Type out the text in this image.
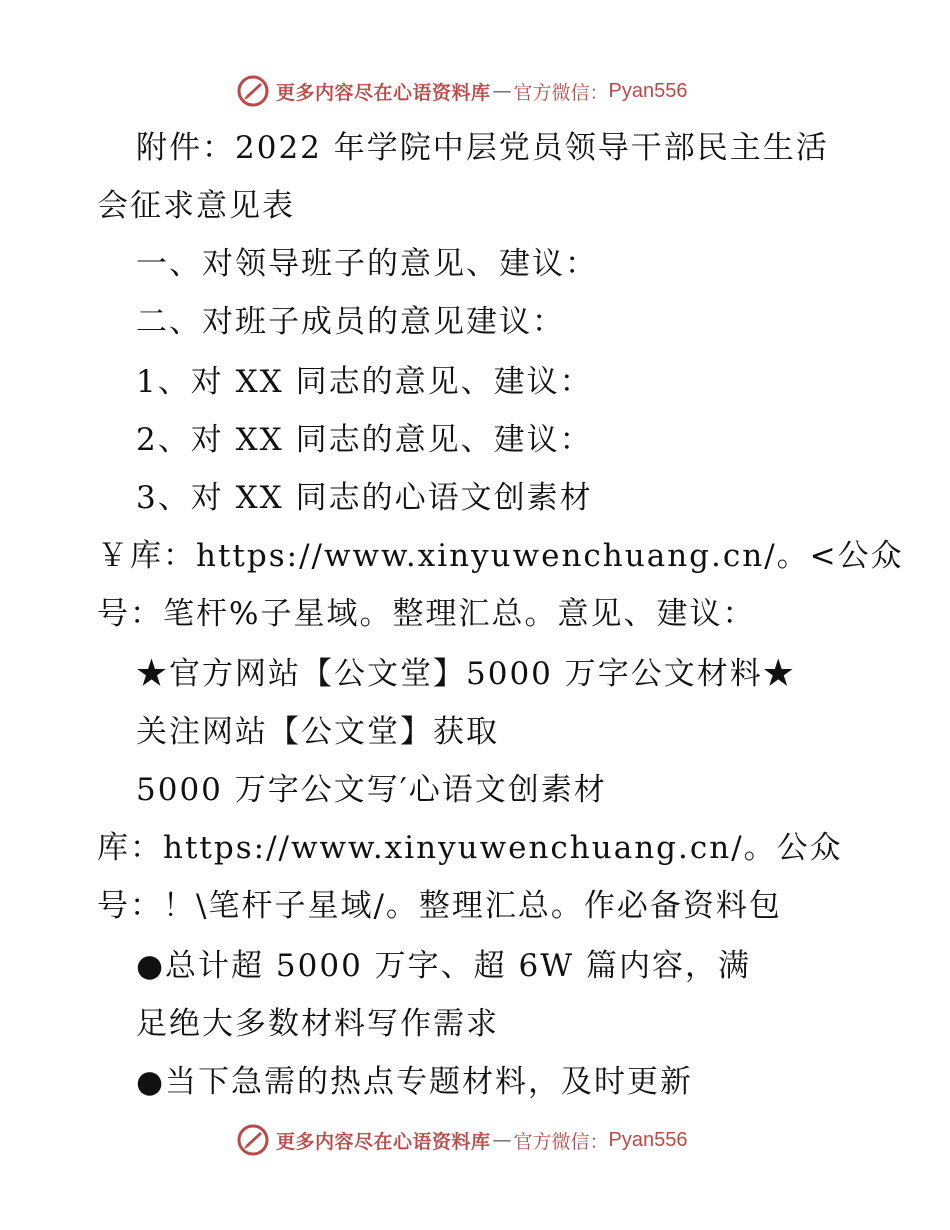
更多内容尽在心语资料库 — 官方微信： Pyan556
附件：2022 年学院中层党员领导干部民主生活
会征求意见表
一、对领导班子的意见、建议：
二、对班子成员的意见建议：
1、对 XX 同志的意见、建议：
2、对 XX 同志的意见、建议：
3、对 XX 同志的心语文创素材
￥库：https://www.xinyuwenchuang.cn/。<公众
号：笔杆%子星域。整理汇总。意见、建议：
★官方网站【公文堂】5000 万字公文材料★
关注网站【公文堂】获取
5000 万字公文写′心语文创素材
库：https://www.xinyuwenchuang.cn/。公众
号：！\笔杆子星域/。整理汇总。作必备资料包
●总计超 5000 万字、超 6W 篇内容，满
足绝大多数材料写作需求
●当下急需的热点专题材料，及时更新
更多内容尽在心语资料库 — 官方微信： Pyan556
